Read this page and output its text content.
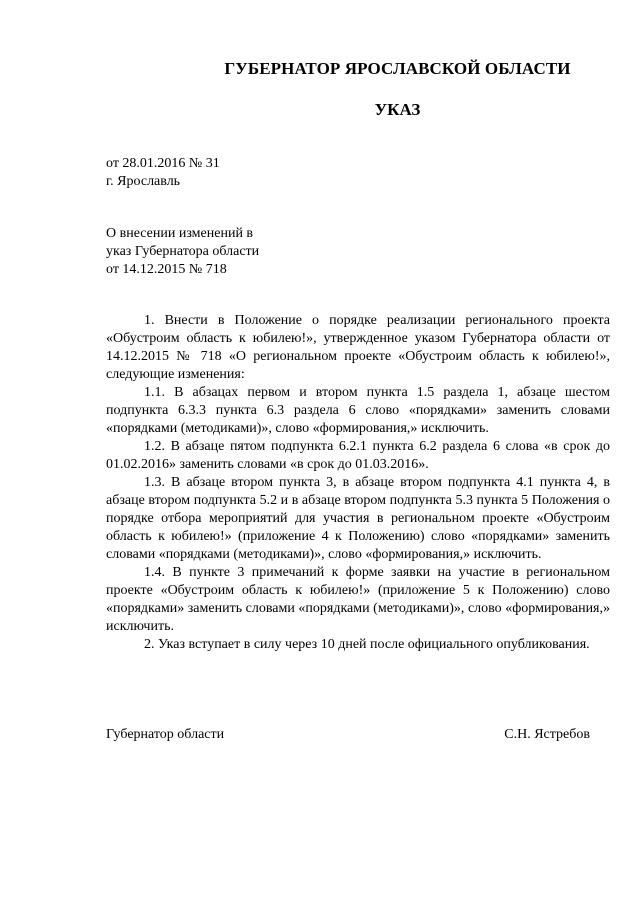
ГУБЕРНАТОР ЯРОСЛАВСКОЙ ОБЛАСТИ
УКАЗ
от 28.01.2016 № 31
г. Ярославль
О внесении изменений в
указ Губернатора области
от 14.12.2015 № 718

1. Внести в Положение о порядке реализации регионального проекта «Обустроим область к юбилею!», утвержденное указом Губернатора области от 14.12.2015 № 718 «О региональном проекте «Обустроим область к юбилею!», следующие изменения:

1.1. В абзацах первом и втором пункта 1.5 раздела 1, абзаце шестом подпункта 6.3.3 пункта 6.3 раздела 6 слово «порядками» заменить словами «порядками (методиками)», слово «формирования,» исключить.

1.2. В абзаце пятом подпункта 6.2.1 пункта 6.2 раздела 6 слова «в срок до 01.02.2016» заменить словами «в срок до 01.03.2016».

1.3. В абзаце втором пункта 3, в абзаце втором подпункта 4.1 пункта 4, в абзаце втором подпункта 5.2 и в абзаце втором подпункта 5.3 пункта 5 Положения о порядке отбора мероприятий для участия в региональном проекте «Обустроим область к юбилею!» (приложение 4 к Положению) слово «порядками» заменить словами «порядками (методиками)», слово «формирования,» исключить.

1.4. В пункте 3 примечаний к форме заявки на участие в региональном проекте «Обустроим область к юбилею!» (приложение 5 к Положению) слово «порядками» заменить словами «порядками (методиками)», слово «формирования,» исключить.

2. Указ вступает в силу через 10 дней после официального опубликования.

Губернатор области	С.Н. Ястребов
